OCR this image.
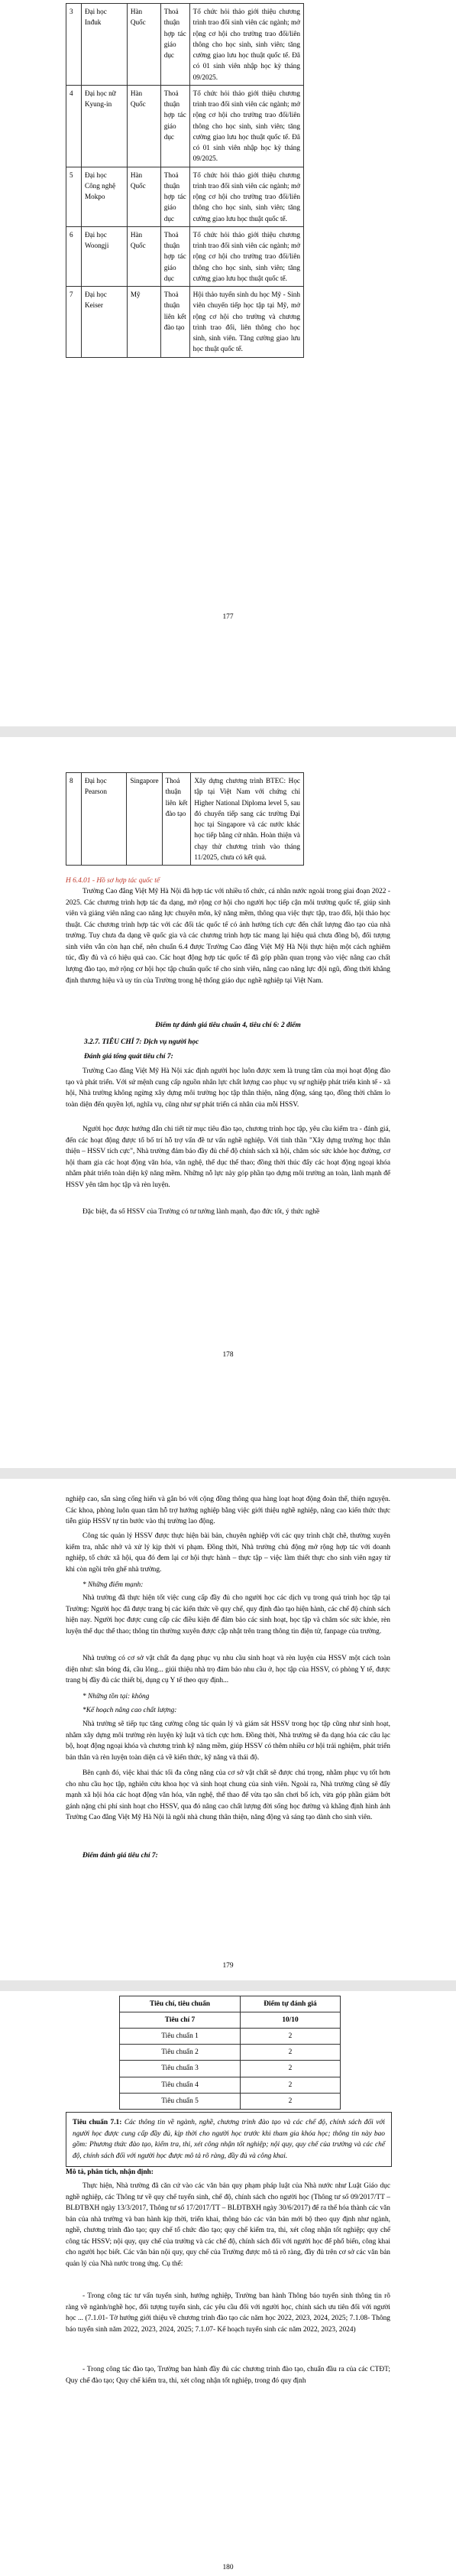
3	Đại học Inđuk	Hàn Quốc	Thoả thuận hợp tác giáo dục	Tổ chức hỏi thảo giới thiệu chương trình trao đổi sinh viên các ngành; mở rộng cơ hội cho trường trao đổi/liên thông cho học sinh, sinh viên; tăng cường giao lưu học thuật quốc tế. Đã có 01 sinh viên nhập học kỳ tháng 09/2025.
4	Đại học nữ Kyung-in	Hàn Quốc	Thoả thuận hợp tác giáo dục	Tổ chức hỏi thảo giới thiệu chương trình trao đổi sinh viên các ngành; mở rộng cơ hội cho trường trao đổi/liên thông cho học sinh, sinh viên; tăng cường giao lưu học thuật quốc tế. Đã có 01 sinh viên nhập học kỳ tháng 09/2025.
5	Đại học Công nghệ Mokpo	Hàn Quốc	Thoả thuận hợp tác giáo dục	Tổ chức hỏi thảo giới thiệu chương trình trao đổi sinh viên các ngành; mở rộng cơ hội cho trường trao đổi/liên thông cho học sinh, sinh viên; tăng cường giao lưu học thuật quốc tế.
6	Đại học Woongji	Hàn Quốc	Thoả thuận hợp tác giáo dục	Tổ chức hỏi thảo giới thiệu chương trình trao đổi sinh viên các ngành; mở rộng cơ hội cho trường trao đổi/liên thông cho học sinh, sinh viên; tăng cường giao lưu học thuật quốc tế.
7	Đại học Keiser	Mỹ	Thoả thuận liên kết đào tạo	Hội thảo tuyển sinh du học Mỹ - Sinh viên chuyển tiếp học tập tại Mỹ, mở rộng cơ hội cho trường và chương trình trao đổi, liên thông cho học sinh, sinh viên. Tăng cường giao lưu học thuật quốc tế.
177
8	Đại học Pearson	Singapore	Thoả thuận liên kết đào tạo	Xây dựng chương trình BTEC: Học tập tại Việt Nam với chứng chỉ Higher National Diploma level 5, sau đó chuyển tiếp sang các trường Đại học tại Singapore và các nước khác học tiếp bằng cử nhân. Hoàn thiện và chạy thử chương trình vào tháng 11/2025, chưa có kết quả.
H 6.4.01 - Hồ sơ hợp tác quốc tế
Trường Cao đẳng Việt Mỹ Hà Nội đã hợp tác với nhiều tổ chức, cá nhân nước ngoài trong giai đoạn 2022 - 2025. Các chương trình hợp tác đa dạng, mở rộng cơ hội cho người học tiếp cận môi trường quốc tế, giúp sinh viên và giảng viên nâng cao năng lực chuyên môn, kỹ năng mềm, thông qua việc thực tập, trao đổi, hội thảo học thuật. Các chương trình hợp tác với các đối tác quốc tế có ảnh hưởng tích cực đến chất lượng đào tạo của nhà trường. Tuy chưa đa dạng về quốc gia và các chương trình hợp tác mang lại hiệu quả chưa đồng bộ, đối tượng sinh viên vẫn còn hạn chế, nên chuẩn 6.4 được Trường Cao đẳng Việt Mỹ Hà Nội thực hiện một cách nghiêm túc, đầy đủ và có hiệu quả cao. Các hoạt động hợp tác quốc tế đã góp phần quan trọng vào việc nâng cao chất lượng đào tạo, mở rộng cơ hội học tập chuẩn quốc tế cho sinh viên, nâng cao năng lực đội ngũ, đồng thời khẳng định thương hiệu và uy tín của Trường trong hệ thống giáo dục nghề nghiệp tại Việt Nam.
Điểm tự đánh giá tiêu chuẩn 4, tiêu chí 6: 2 điểm
3.2.7. TIÊU CHÍ 7: Dịch vụ người học
Đánh giá tổng quát tiêu chí 7:
Trường Cao đẳng Việt Mỹ Hà Nội xác định người học luôn được xem là trung tâm của mọi hoạt động đào tạo và phát triển. Với sứ mệnh cung cấp nguồn nhân lực chất lượng cao phục vụ sự nghiệp phát triển kinh tế - xã hội, Nhà trường không ngừng xây dựng môi trường học tập thân thiện, năng động, sáng tạo, đồng thời chăm lo toàn diện đến quyền lợi, nghĩa vụ, cũng như sự phát triển cá nhân của mỗi HSSV.
Người học được hướng dẫn chi tiết từ mục tiêu đào tạo, chương trình học tập, yêu cầu kiểm tra - đánh giá, đến các hoạt động được tổ bố trí hỗ trợ vấn đề tư vấn nghề nghiệp. Với tinh thần "Xây dựng trường học thân thiện – HSSV tích cực", Nhà trường đảm bảo đầy đủ chế độ chính sách xã hội, chăm sóc sức khỏe học đường, cơ hội tham gia các hoạt động văn hóa, văn nghệ, thể dục thể thao; đồng thời thúc đẩy các hoạt động ngoại khóa nhằm phát triển toàn diện kỹ năng mềm. Những nỗ lực này góp phần tạo dựng môi trường an toàn, lành mạnh để HSSV yên tâm học tập và rèn luyện.
Đặc biệt, đa số HSSV của Trường có tư tưởng lành mạnh, đạo đức tốt, ý thức nghề
178
nghiệp cao, sẵn sàng cống hiến và gắn bó với cộng đồng thông qua hàng loạt hoạt động đoàn thể, thiện nguyện. Các khoa, phòng luôn quan tâm hỗ trợ hướng nghiệp bằng việc giới thiệu nghề nghiệp, nâng cao kiến thức thực tiễn giúp HSSV tự tin bước vào thị trường lao động.
Công tác quản lý HSSV được thực hiện bài bản, chuyên nghiệp với các quy trình chặt chẽ, thường xuyên kiểm tra, nhắc nhở và xử lý kịp thời vi phạm. Đồng thời, Nhà trường chủ động mở rộng hợp tác với doanh nghiệp, tổ chức xã hội, qua đó đem lại cơ hội thực hành – thực tập – việc làm thiết thực cho sinh viên ngay từ khi còn ngồi trên ghế nhà trường.
* Những điểm mạnh:
Nhà trường đã thực hiện tốt việc cung cấp đầy đủ cho người học các dịch vụ trong quá trình học tập tại Trường: Người học đã được trang bị các kiến thức về quy chế, quy định đào tạo hiện hành, các chế độ chính sách hiện nay. Người học được cung cấp các điều kiện để đảm bảo các sinh hoạt, học tập và chăm sóc sức khỏe, rèn luyện thể dục thể thao; thông tin thường xuyên được cập nhật trên trang thông tin điện tử, fanpage của trường.
Nhà trường có cơ sở vật chất đa dạng phục vụ nhu cầu sinh hoạt và rèn luyện của HSSV một cách toàn diện như: sân bóng đá, cầu lông... giúi thiệu nhà trọ đảm bảo nhu cầu ở, học tập của HSSV, có phòng Y tế, được trang bị đầy đủ các thiết bị, dụng cụ Y tế theo quy định...
* Những tồn tại: không
*Kế hoạch nâng cao chất lượng:
Nhà trường sẽ tiếp tục tăng cường công tác quản lý và giám sát HSSV trong học tập cũng như sinh hoạt, nhằm xây dựng môi trường rèn luyện kỷ luật và tích cực hơn. Đồng thời, Nhà trường sẽ đa dạng hóa các câu lạc bộ, hoạt động ngoại khóa và chương trình kỹ năng mềm, giúp HSSV có thêm nhiều cơ hội trải nghiệm, phát triển bản thân và rèn luyện toàn diện cả về kiến thức, kỹ năng và thái độ.
Bên cạnh đó, việc khai thác tối đa công năng của cơ sở vật chất sẽ được chú trọng, nhằm phục vụ tốt hơn cho nhu cầu học tập, nghiên cứu khoa học và sinh hoạt chung của sinh viên. Ngoài ra, Nhà trường cũng sẽ đẩy mạnh xã hội hóa các hoạt động văn hóa, văn nghệ, thể thao để vừa tạo sân chơi bổ ích, vừa góp phần giảm bớt gánh nặng chi phí sinh hoạt cho HSSV, qua đó nâng cao chất lượng đời sống học đường và khẳng định hình ảnh Trường Cao đẳng Việt Mỹ Hà Nội là ngôi nhà chung thân thiện, năng động và sáng tạo dành cho sinh viên.
Điểm đánh giá tiêu chí 7:
179
Tiêu chí, tiêu chuẩn	Điểm tự đánh giá
Tiêu chí 7	10/10
Tiêu chuẩn 1	2
Tiêu chuẩn 2	2
Tiêu chuẩn 3	2
Tiêu chuẩn 4	2
Tiêu chuẩn 5	2
Tiêu chuẩn 7.1: Các thông tin về ngành, nghề, chương trình đào tạo và các chế độ, chính sách đối với người học được cung cấp đầy đủ, kịp thời cho người học trước khi tham gia khóa học; thông tin này bao gồm: Phương thức đào tạo, kiểm tra, thi, xét công nhận tốt nghiệp; nội quy, quy chế của trường và các chế độ, chính sách đối với người học được mô tả rõ ràng, đầy đủ và công khai.
Mô tả, phân tích, nhận định:
Thực hiện, Nhà trường đã căn cứ vào các văn bản quy phạm pháp luật của Nhà nước như Luật Giáo dục nghề nghiệp, các Thông tư về quy chế tuyển sinh, chế độ, chính sách cho người học (Thông tư số 09/2017/TT – BLĐTBXH ngày 13/3/2017, Thông tư số 17/2017/TT – BLĐTBXH ngày 30/6/2017) để ra thế hóa thành các văn bản của nhà trường và ban hành kịp thời, triển khai, thông báo các văn bản mới bộ theo quy định như ngành, nghề, chương trình đào tạo; quy chế tổ chức đào tạo; quy chế kiểm tra, thi, xét công nhận tốt nghiệp; quy chế công tác HSSV; nội quy, quy chế của trường và các chế độ, chính sách đối với người học để phổ biến, công khai cho người học biết. Các văn bản nội quy, quy chế của Trường được mô tả rõ ràng, đầy đủ trên cơ sở các văn bản quản lý của Nhà nước trong ứng. Cụ thể:
- Trong công tác tư vấn tuyển sinh, hướng nghiệp, Trường ban hành Thông báo tuyển sinh thông tin rõ ràng về ngành/nghề học, đối tượng tuyển sinh, các yêu cầu đối với người học, chính sách ưu tiên đối với người học ... (7.1.01- Tờ hướng giới thiệu về chương trình đào tạo các năm học 2022, 2023, 2024, 2025; 7.1.08- Thông báo tuyển sinh năm 2022, 2023, 2024, 2025; 7.1.07- Kế hoạch tuyển sinh các năm 2022, 2023, 2024)
- Trong công tác đào tạo, Trường ban hành đầy đủ các chương trình đào tạo, chuẩn đầu ra của các CTĐT; Quy chế đào tạo; Quy chế kiểm tra, thi, xét công nhận tốt nghiệp, trong đó quy định
180
